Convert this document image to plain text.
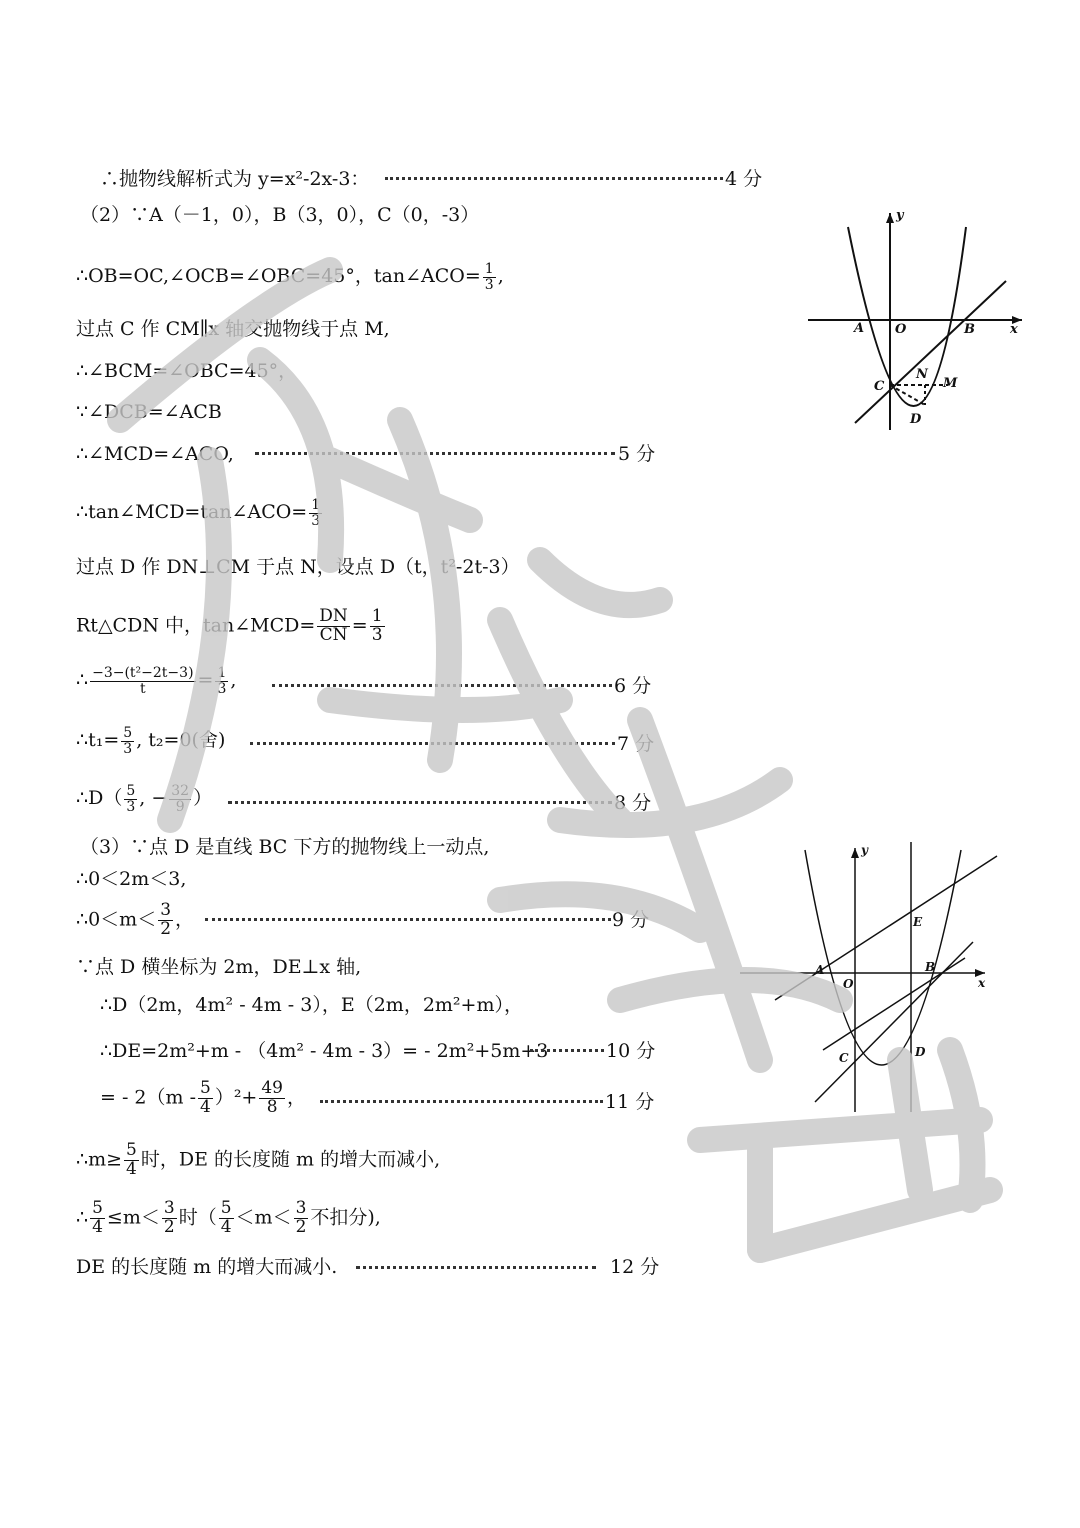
∴抛物线解析式为 y=x²-2x-3：	4 分
（2）∵A（－1，0），B（3，0），C（0，-3）
∴OB=OC,∠OCB=∠OBC=45°，tan∠ACO= $\frac{1}{3}$ ,
过点 C 作 CM∥x 轴交抛物线于点 M,
∴∠BCM=∠OBC=45°，
∵∠DCB=∠ACB
∴∠MCD=∠ACO,	5 分
∴tan∠MCD=tan∠ACO= $\frac{1}{3}$
过点 D 作 DN⊥CM 于点 N，设点 D（t，t²-2t-3）
Rt△CDN 中，tan∠MCD= $\frac{DN}{CN} = \frac{1}{3}$
∴ $\frac{\text{−3−(t²−2t−3)}}{t} = \frac{1}{3}$ ,	6 分
∴t₁= $\frac{5}{3}$ , t₂=0(舍)	7 分
∴D（ $\frac{5}{3}$ , − $\frac{32}{9}$ ）	8 分
（3）∵点 D 是直线 BC 下方的抛物线上一动点,
∴0＜2m＜3,
∴0＜m＜ $\frac{3}{2}$ ，	9 分
∵点 D 横坐标为 2m，DE⊥x 轴,
∴D（2m，4m² - 4m - 3），E（2m，2m²+m），
∴DE=2m²+m - （4m² - 4m - 3）= - 2m²+5m+3	10 分
= - $2(m - \frac{5}{4} )^2+ \frac{49}{8}$ ，	11 分
∴m≥ $\frac{5}{4}$ 时，DE 的长度随 m 的增大而减小,
∴ $\frac{5}{4} \le m< \frac{3}{2}$ 时（ $\frac{5}{4} <m< \frac{3}{2}$ 不扣分),
DE 的长度随 m 的增大而减小.	12 分
y
x
A O	B
C
N
M
D
y
x
A
O
B
C	D
E
